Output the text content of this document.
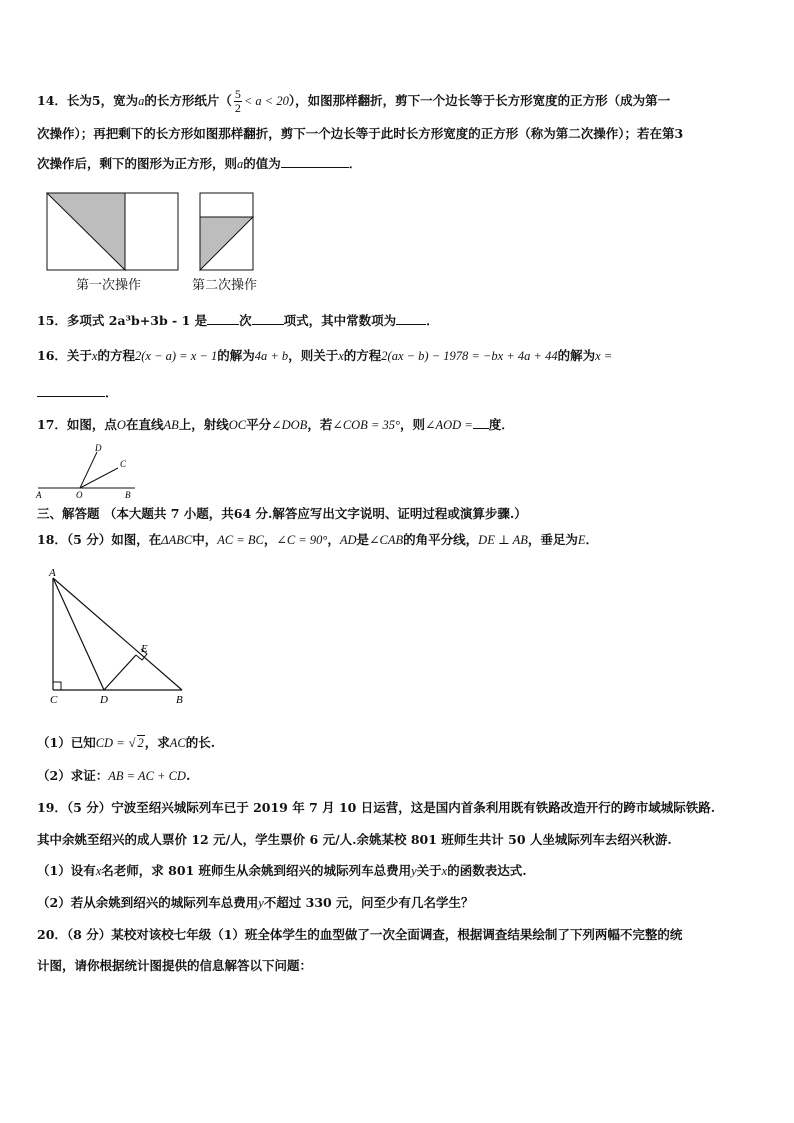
14．长为5，宽为a的长方形纸片（ $\frac{5}{2} < a < 20$），如图那样翻折，剪下一个边长等于长方形宽度的正方形（成为第一
次操作）；再把剩下的长方形如图那样翻折，剪下一个边长等于此时长方形宽度的正方形（称为第二次操作）；若在第3
次操作后，剩下的图形为正方形，则a的值为	．
第一次操作	第二次操作
15．多项式 2a³b+3b - 1 是	次	项式，其中常数项为 ．
16．关于x的方程2(x − a) = x − 1的解为4a + b，则关于x的方程2(ax − b) − 1978 = −bx + 4a + 44的解为x =
．
17．如图，点O在直线AB上，射线OC平分∠DOB，若∠COB = 35°，则∠AOD = 度．
D
C
A	O	B
三、解答题 （本大题共 7 小题，共64 分.解答应写出文字说明、证明过程或演算步骤.）
18．（5 分）如图，在ΔABC中，AC = BC，∠C = 90°，AD是∠CAB的角平分线，DE ⊥ AB，垂足为E．
A
E
C	D	B
（1）已知CD = √ 2，求AC的长.
（2）求证：AB = AC + CD.
19．（5 分）宁波至绍兴城际列车已于 2019 年 7 月 10 日运营，这是国内首条利用既有铁路改造开行的跨市域城际铁路.
其中余姚至绍兴的成人票价 12 元/人，学生票价 6 元/人.余姚某校 801 班师生共计 50 人坐城际列车去绍兴秋游.
（1）设有x名老师，求 801 班师生从余姚到绍兴的城际列车总费用y关于x的函数表达式.
（2）若从余姚到绍兴的城际列车总费用y不超过 330 元，问至少有几名学生？
20．（8 分）某校对该校七年级（1）班全体学生的血型做了一次全面调查，根据调查结果绘制了下列两幅不完整的统
计图，请你根据统计图提供的信息解答以下问题：
